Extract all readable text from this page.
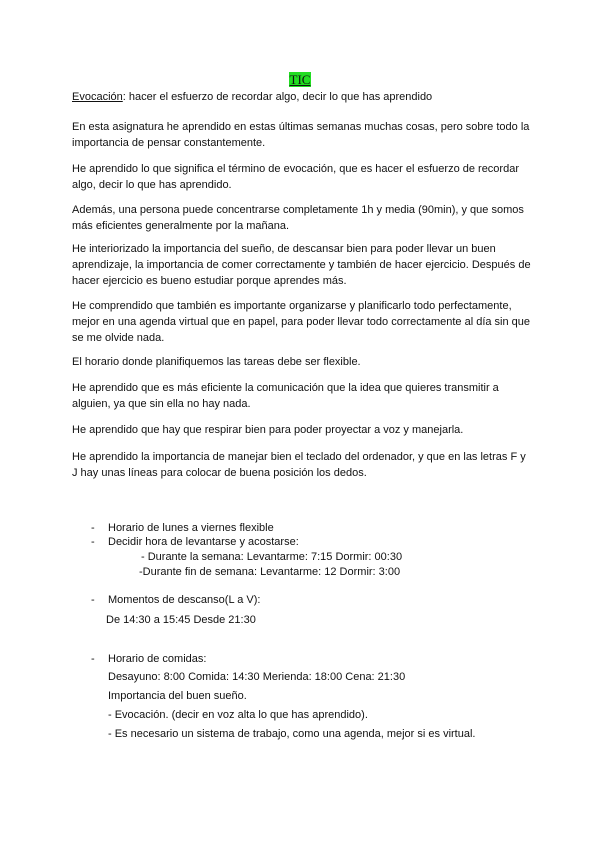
TIC
Evocación: hacer el esfuerzo de recordar algo, decir lo que has aprendido

En esta asignatura he aprendido en estas últimas semanas muchas cosas, pero sobre todo la importancia de pensar constantemente.

He aprendido lo que significa el término de evocación, que es hacer el esfuerzo de recordar algo, decir lo que has aprendido.

Además, una persona puede concentrarse completamente 1h y media (90min), y que somos más eficientes generalmente por la mañana.

He interiorizado la importancia del sueño, de descansar bien para poder llevar un buen aprendizaje, la importancia de comer correctamente y también de hacer ejercicio. Después de hacer ejercicio es bueno estudiar porque aprendes más.

He comprendido que también es importante organizarse y planificarlo todo perfectamente, mejor en una agenda virtual que en papel, para poder llevar todo correctamente al día sin que se me olvide nada.

El horario donde planifiquemos las tareas debe ser flexible.

He aprendido que es más eficiente la comunicación que la idea que quieres transmitir a alguien, ya que sin ella no hay nada.

He aprendido que hay que respirar bien para poder proyectar a voz y manejarla.

He aprendido la importancia de manejar bien el teclado del ordenador, y que en las letras F y J hay unas líneas para colocar de buena posición los dedos.

- Horario de lunes a viernes flexible
- Decidir hora de levantarse y acostarse:
- Durante la semana: Levantarme: 7:15 Dormir: 00:30
-Durante fin de semana: Levantarme: 12 Dormir: 3:00
- Momentos de descanso(L a V):
De 14:30 a 15:45 Desde 21:30
- Horario de comidas:
Desayuno: 8:00 Comida: 14:30 Merienda: 18:00 Cena: 21:30
Importancia del buen sueño.
- Evocación. (decir en voz alta lo que has aprendido).
- Es necesario un sistema de trabajo, como una agenda, mejor si es virtual.
